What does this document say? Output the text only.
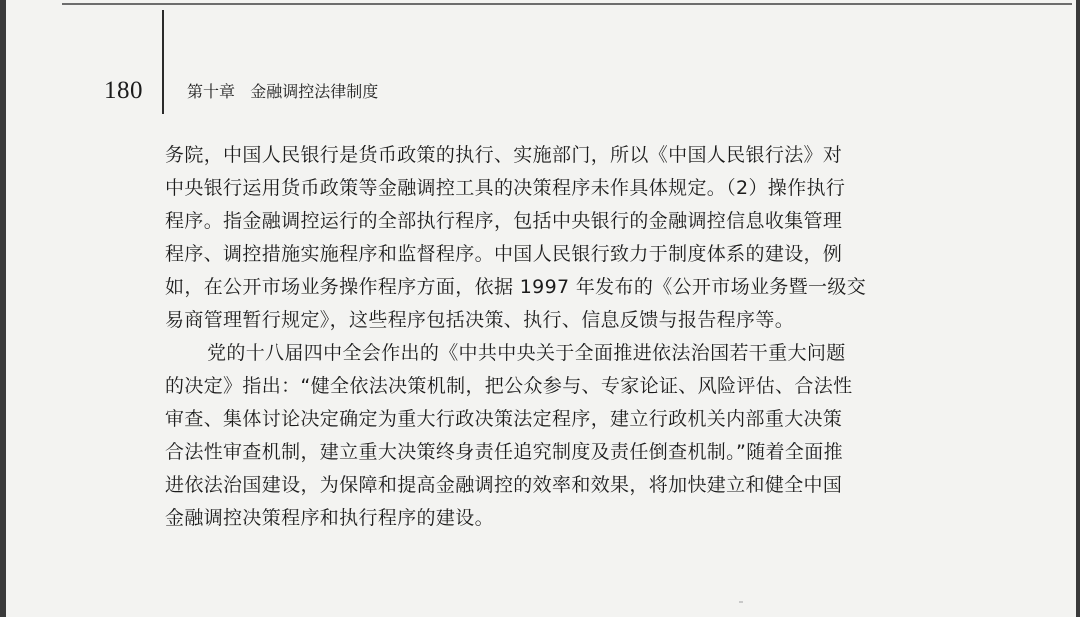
180	第十章 金融调控法律制度
务院，中国人民银行是货币政策的执行、实施部门，所以《中国人民银行法》对
中央银行运用货币政策等金融调控工具的决策程序未作具体规定。（2）操作执行
程序。指金融调控运行的全部执行程序，包括中央银行的金融调控信息收集管理
程序、调控措施实施程序和监督程序。中国人民银行致力于制度体系的建设，例
如，在公开市场业务操作程序方面，依据 1997 年发布的《公开市场业务暨一级交
易商管理暂行规定》，这些程序包括决策、执行、信息反馈与报告程序等。
党的十八届四中全会作出的《中共中央关于全面推进依法治国若干重大问题
的决定》指出：“健全依法决策机制，把公众参与、专家论证、风险评估、合法性
审查、集体讨论决定确定为重大行政决策法定程序，建立行政机关内部重大决策
合法性审查机制，建立重大决策终身责任追究制度及责任倒查机制。”随着全面推
进依法治国建设，为保障和提高金融调控的效率和效果，将加快建立和健全中国
金融调控决策程序和执行程序的建设。
